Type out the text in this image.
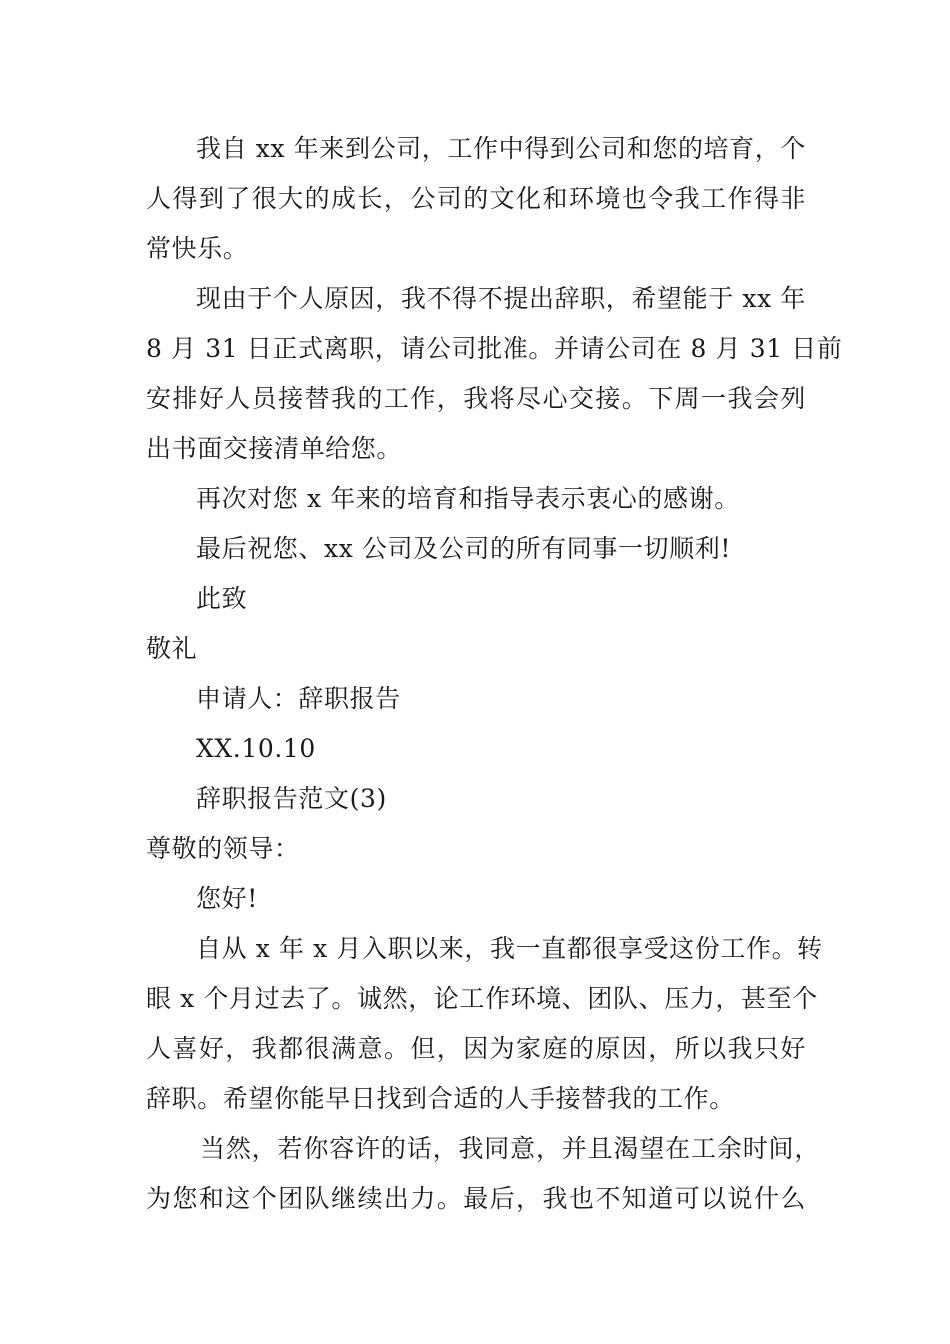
我自 xx 年来到公司，工作中得到公司和您的培育，个
人得到了很大的成长，公司的文化和环境也令我工作得非
常快乐。
现由于个人原因，我不得不提出辞职，希望能于 xx 年
8 月 31 日正式离职，请公司批准。并请公司在 8 月 31 日前
安排好人员接替我的工作，我将尽心交接。下周一我会列
出书面交接清单给您。
再次对您 x 年来的培育和指导表示衷心的感谢。
最后祝您、xx 公司及公司的所有同事一切顺利!
此致
敬礼
申请人：辞职报告
XX.10.10
辞职报告范文(3)
尊敬的领导：
您好!
自从 x 年 x 月入职以来，我一直都很享受这份工作。转
眼 x 个月过去了。诚然，论工作环境、团队、压力，甚至个
人喜好，我都很满意。但，因为家庭的原因，所以我只好
辞职。希望你能早日找到合适的人手接替我的工作。
当然，若你容许的话，我同意，并且渴望在工余时间，
为您和这个团队继续出力。最后，我也不知道可以说什么
